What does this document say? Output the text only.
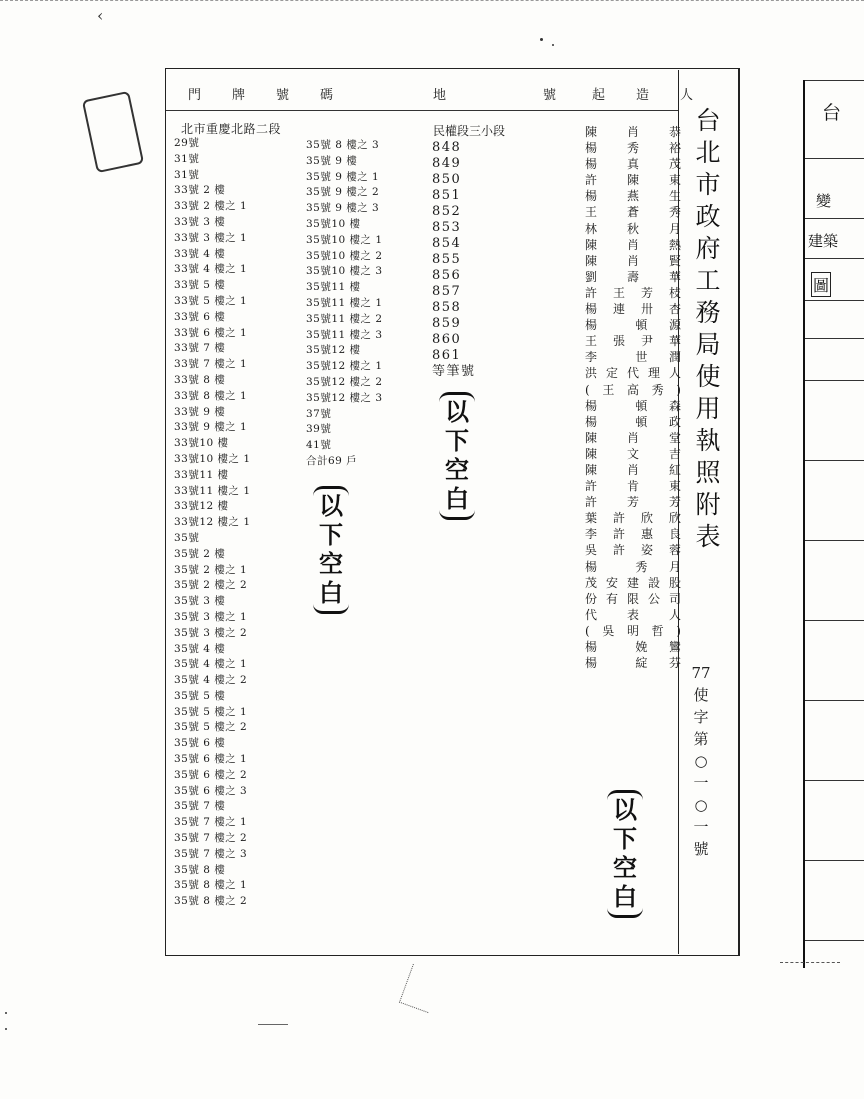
‹
門　牌　號　碼	地　　　　號 起　造　人
北市重慶北路二段
29號
31號
31號
33號 2 樓
33號 2 樓之 1
33號 3 樓
33號 3 樓之 1
33號 4 樓
33號 4 樓之 1
33號 5 樓
33號 5 樓之 1
33號 6 樓
33號 6 樓之 1
33號 7 樓
33號 7 樓之 1
33號 8 樓
33號 8 樓之 1
33號 9 樓
33號 9 樓之 1
33號10 樓
33號10 樓之 1
33號11 樓
33號11 樓之 1
33號12 樓
33號12 樓之 1
35號
35號 2 樓
35號 2 樓之 1
35號 2 樓之 2
35號 3 樓
35號 3 樓之 1
35號 3 樓之 2
35號 4 樓
35號 4 樓之 1
35號 4 樓之 2
35號 5 樓
35號 5 樓之 1
35號 5 樓之 2
35號 6 樓
35號 6 樓之 1
35號 6 樓之 2
35號 6 樓之 3
35號 7 樓
35號 7 樓之 1
35號 7 樓之 2
35號 7 樓之 3
35號 8 樓
35號 8 樓之 1
35號 8 樓之 2
35號 8 樓之 3
35號 9 樓
35號 9 樓之 1
35號 9 樓之 2
35號 9 樓之 3
35號10 樓
35號10 樓之 1
35號10 樓之 2
35號10 樓之 3
35號11 樓
35號11 樓之 1
35號11 樓之 2
35號11 樓之 3
35號12 樓
35號12 樓之 1
35號12 樓之 2
35號12 樓之 3
37號
39號
41號
合計69 戶
以下空白
民權段三小段
848
849
850
851
852
853
854
855
856
857
858
859
860
861
等筆號
以下空白
陳　肖　恭
楊　秀　裕
楊　真　茂
許　陳　東
楊　燕　生
王　蒼　秀
林　秋　月
陳　肖　熱
陳　肖　賢
劉　壽　華
許　王　芳　枝
楊　連　卅　杏
楊　　頓　源
王　張　尹　華
李　　世　潤
洪定代理人
(　王　高　秀　)
楊　　頓　森
楊　　頓　政
陳　肖　堂
陳　文　吉
陳　肖　紅
許　肯　東
許　芳　芳
葉　許　欣　欣
李　許　惠　良
吳　許　姿　蓉
楊　　秀　月
茂安建設股
份有限公司
代　表　人
(　吳　明　哲　)
楊　　娩　鸞
楊　　綻　芬
以下空白
台北市政府工務局使用執照附表
77使字第○一○一號
台
變
建築
圖
